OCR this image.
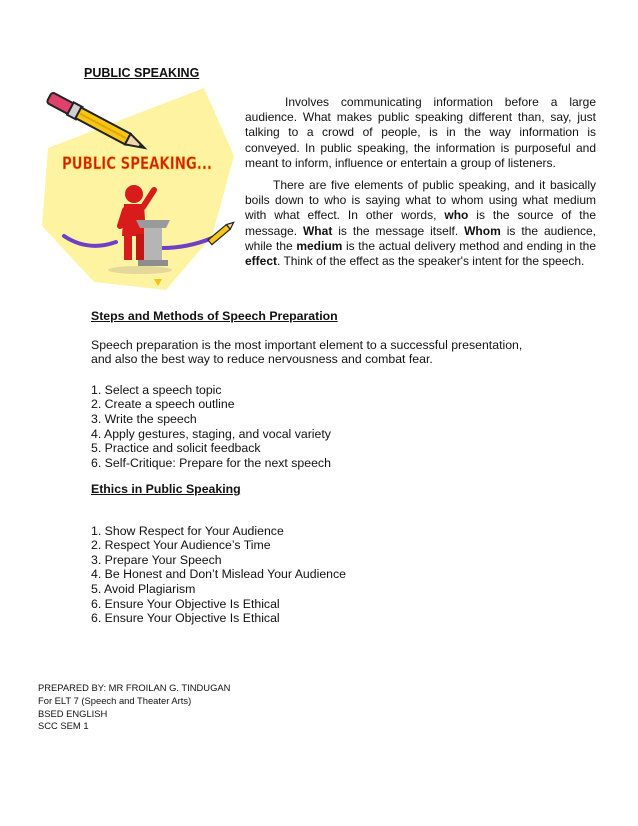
PUBLIC SPEAKING
PUBLIC SPEAKING...

Involves communicating information before a large audience. What makes public speaking different than, say, just talking to a crowd of people, is in the way information is conveyed. In public speaking, the information is purposeful and meant to inform, influence or entertain a group of listeners.

There are five elements of public speaking, and it basically boils down to who is saying what to whom using what medium with what effect. In other words, who is the source of the message. What is the message itself. Whom is the audience, while the medium is the actual delivery method and ending in the effect. Think of the effect as the speaker's intent for the speech.

Steps and Methods of Speech Preparation

Speech preparation is the most important element to a successful presentation, and also the best way to reduce nervousness and combat fear.

1. Select a speech topic
2. Create a speech outline
3. Write the speech
4. Apply gestures, staging, and vocal variety
5. Practice and solicit feedback
6. Self-Critique: Prepare for the next speech
Ethics in Public Speaking
1. Show Respect for Your Audience
2. Respect Your Audience’s Time
3. Prepare Your Speech
4. Be Honest and Don’t Mislead Your Audience
5. Avoid Plagiarism
6. Ensure Your Objective Is Ethical
6. Ensure Your Objective Is Ethical
PREPARED BY: MR FROILAN G. TINDUGAN
For ELT 7 (Speech and Theater Arts)
BSED ENGLISH
SCC SEM 1
